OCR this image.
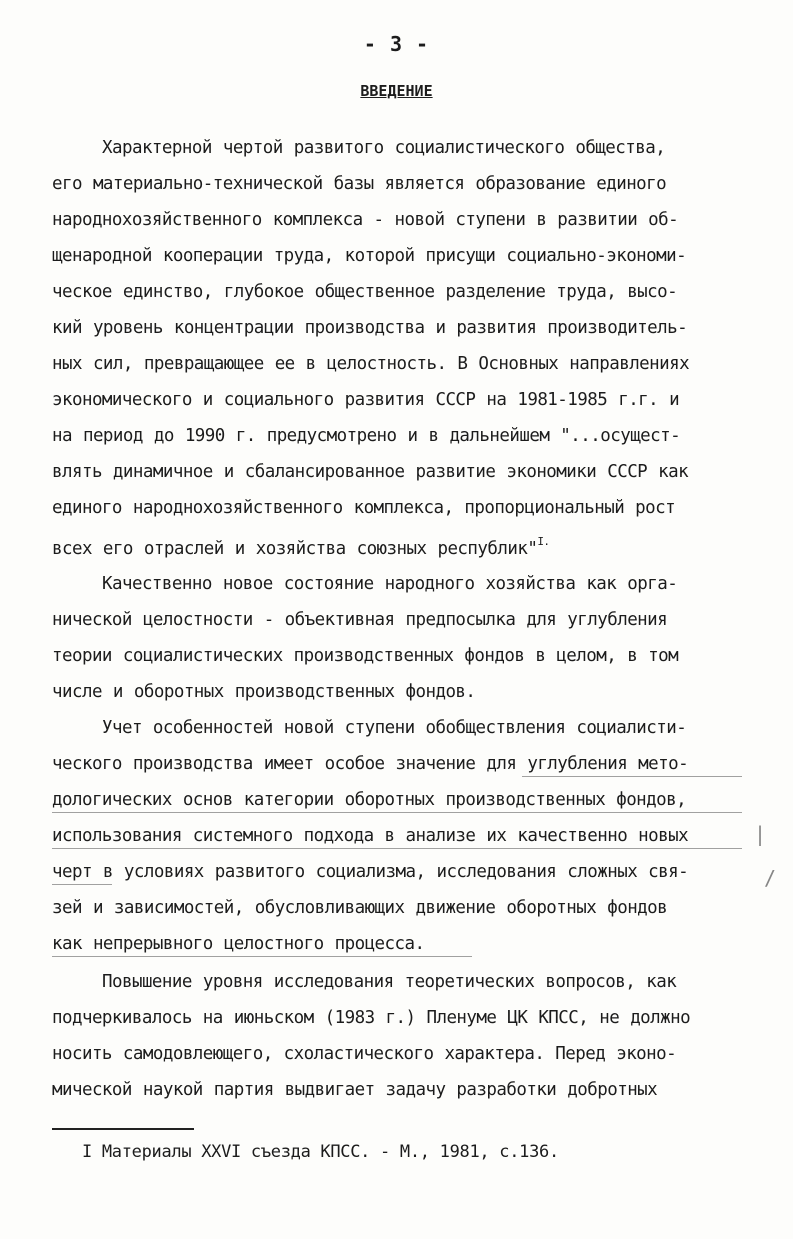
- 3 -
ВВЕДЕНИЕ
Характерной чертой развитого социалистического общества,
его материально-технической базы является образование единого
народнохозяйственного комплекса - новой ступени в развитии об-
щенародной кооперации труда, которой присущи социально-экономи-
ческое единство, глубокое общественное разделение труда, высо-
кий уровень концентрации производства и развития производитель-
ных сил, превращающее ее в целостность. В Основных направлениях
экономического и социального развития СССР на 1981-1985 г.г. и
на период до 1990 г. предусмотрено и в дальнейшем "...осущест-
влять динамичное и сбалансированное развитие экономики СССР как
единого народнохозяйственного комплекса, пропорциональный рост
всех его отраслей и хозяйства союзных республик"$^{I.}$
Качественно новое состояние народного хозяйства как орга-
нической целостности - объективная предпосылка для углубления
теории социалистических производственных фондов в целом, в том
числе и оборотных производственных фондов.
Учет особенностей новой ступени обобществления социалисти-
ческого производства имеет особое значение для углубления мето-
дологических основ категории оборотных производственных фондов,
использования системного подхода в анализе их качественно новых
черт в условиях развитого социализма, исследования сложных свя-
зей и зависимостей, обусловливающих движение оборотных фондов
как непрерывного целостного процесса.
Повышение уровня исследования теоретических вопросов, как
подчеркивалось на июньском (1983 г.) Пленуме ЦК КПСС, не должно
носить самодовлеющего, схоластического характера. Перед эконо-
мической наукой партия выдвигает задачу разработки добротных
|
/
I Материалы XXVI съезда КПСС. - М., 1981, с.136.
